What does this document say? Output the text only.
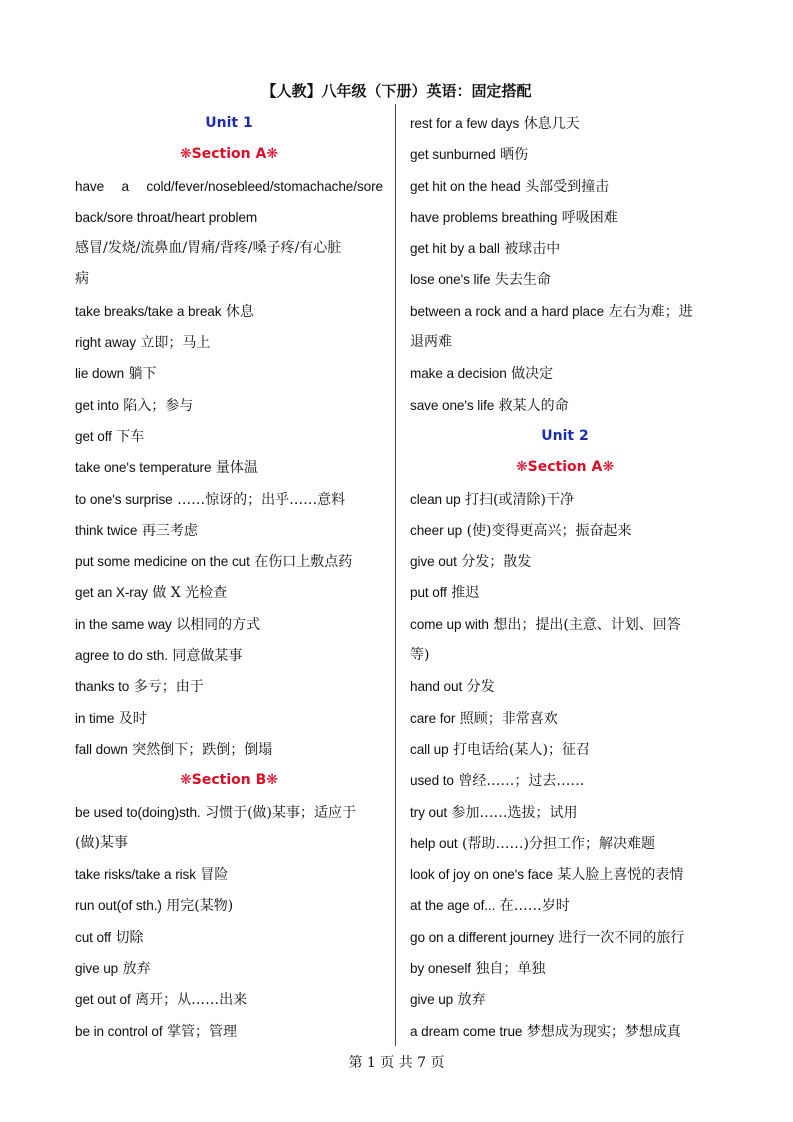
【人教】八年级（下册）英语：固定搭配
Unit 1
❋Section A❋
have a cold/fever/nosebleed/stomachache/sore
back/sore throat/heart problem
感冒/发烧/流鼻血/胃痛/背疼/嗓子疼/有心脏
病
take breaks/take a break 休息
right away 立即；马上
lie down 躺下
get into 陷入；参与
get off 下车
take one's temperature 量体温
to one's surprise ……惊讶的；出乎……意料
think twice 再三考虑
put some medicine on the cut 在伤口上敷点药
get an X-ray 做 X 光检查
in the same way 以相同的方式
agree to do sth. 同意做某事
thanks to 多亏；由于
in time 及时
fall down 突然倒下；跌倒；倒塌
❋Section B❋
be used to(doing)sth. 习惯于(做)某事；适应于
(做)某事
take risks/take a risk 冒险
run out(of sth.) 用完(某物)
cut off 切除
give up 放弃
get out of 离开；从……出来
be in control of 掌管；管理
rest for a few days 休息几天
get sunburned 晒伤
get hit on the head 头部受到撞击
have problems breathing 呼吸困难
get hit by a ball 被球击中
lose one's life 失去生命
between a rock and a hard place 左右为难；进
退两难
make a decision 做决定
save one's life 救某人的命
Unit 2
❋Section A❋
clean up 打扫(或清除)干净
cheer up (使)变得更高兴；振奋起来
give out 分发；散发
put off 推迟
come up with 想出；提出(主意、计划、回答
等)
hand out 分发
care for 照顾；非常喜欢
call up 打电话给(某人)；征召
used to 曾经……；过去……
try out 参加……选拔；试用
help out (帮助……)分担工作；解决难题
look of joy on one's face 某人脸上喜悦的表情
at the age of... 在……岁时
go on a different journey 进行一次不同的旅行
by oneself 独自；单独
give up 放弃
a dream come true 梦想成为现实；梦想成真
第 1 页 共 7 页
